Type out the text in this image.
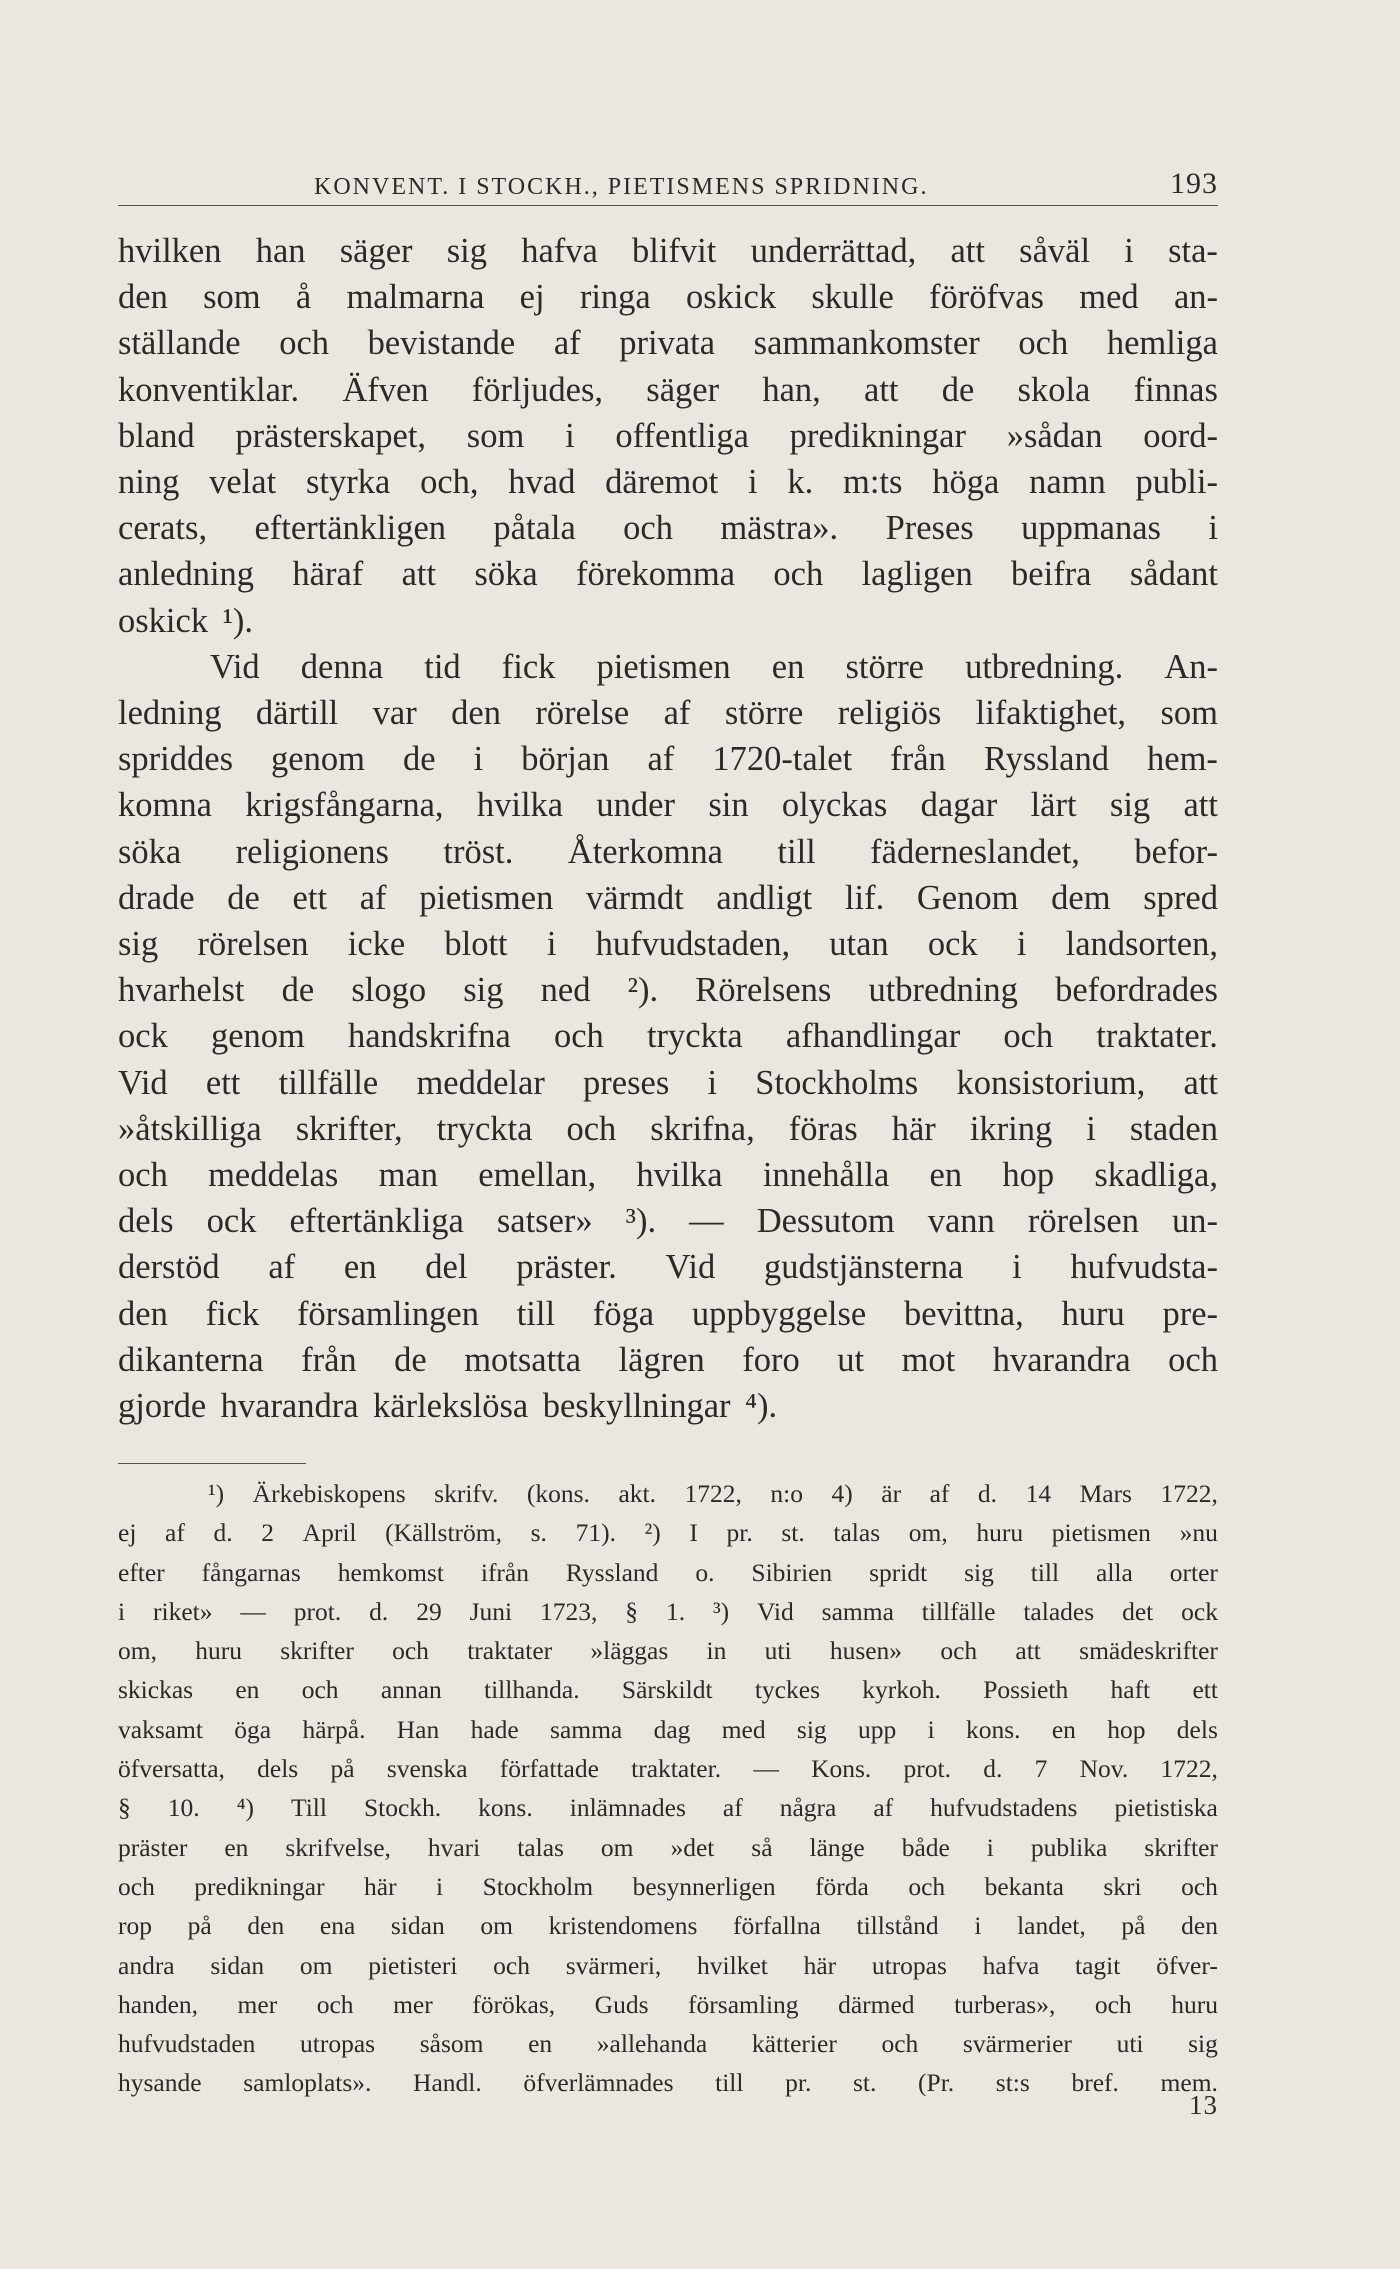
KONVENT. I STOCKH., PIETISMENS SPRIDNING.	193
hvilken han säger sig hafva blifvit underrättad, att såväl i sta-
den som å malmarna ej ringa oskick skulle föröfvas med an-
ställande och bevistande af privata sammankomster och hemliga
konventiklar. Äfven förljudes, säger han, att de skola finnas
bland prästerskapet, som i offentliga predikningar »sådan oord-
ning velat styrka och, hvad däremot i k. m:ts höga namn publi-
cerats, eftertänkligen påtala och mästra». Preses uppmanas i
anledning häraf att söka förekomma och lagligen beifra sådant
oskick ¹).
Vid denna tid fick pietismen en större utbredning. An-
ledning därtill var den rörelse af större religiös lifaktighet, som
spriddes genom de i början af 1720-talet från Ryssland hem-
komna krigsfångarna, hvilka under sin olyckas dagar lärt sig att
söka religionens tröst. Återkomna till fäderneslandet, befor-
drade de ett af pietismen värmdt andligt lif. Genom dem spred
sig rörelsen icke blott i hufvudstaden, utan ock i landsorten,
hvarhelst de slogo sig ned ²). Rörelsens utbredning befordrades
ock genom handskrifna och tryckta afhandlingar och traktater.
Vid ett tillfälle meddelar preses i Stockholms konsistorium, att
»åtskilliga skrifter, tryckta och skrifna, föras här ikring i staden
och meddelas man emellan, hvilka innehålla en hop skadliga,
dels ock eftertänkliga satser» ³). — Dessutom vann rörelsen un-
derstöd af en del präster. Vid gudstjänsterna i hufvudsta-
den fick församlingen till föga uppbyggelse bevittna, huru pre-
dikanterna från de motsatta lägren foro ut mot hvarandra och
gjorde hvarandra kärlekslösa beskyllningar ⁴).
¹) Ärkebiskopens skrifv. (kons. akt. 1722, n:o 4) är af d. 14 Mars 1722,
ej af d. 2 April (Källström, s. 71). ²) I pr. st. talas om, huru pietismen »nu
efter fångarnas hemkomst ifrån Ryssland o. Sibirien spridt sig till alla orter
i riket» — prot. d. 29 Juni 1723, § 1. ³) Vid samma tillfälle talades det ock
om, huru skrifter och traktater »läggas in uti husen» och att smädeskrifter
skickas en och annan tillhanda. Särskildt tyckes kyrkoh. Possieth haft ett
vaksamt öga härpå. Han hade samma dag med sig upp i kons. en hop dels
öfversatta, dels på svenska författade traktater. — Kons. prot. d. 7 Nov. 1722,
§ 10. ⁴) Till Stockh. kons. inlämnades af några af hufvudstadens pietistiska
präster en skrifvelse, hvari talas om »det så länge både i publika skrifter
och predikningar här i Stockholm besynnerligen förda och bekanta skri och
rop på den ena sidan om kristendomens förfallna tillstånd i landet, på den
andra sidan om pietisteri och svärmeri, hvilket här utropas hafva tagit öfver-
handen, mer och mer förökas, Guds församling därmed turberas», och huru
hufvudstaden utropas såsom en »allehanda kätterier och svärmerier uti sig
hysande samloplats». Handl. öfverlämnades till pr. st. (Pr. st:s bref. mem.
13
